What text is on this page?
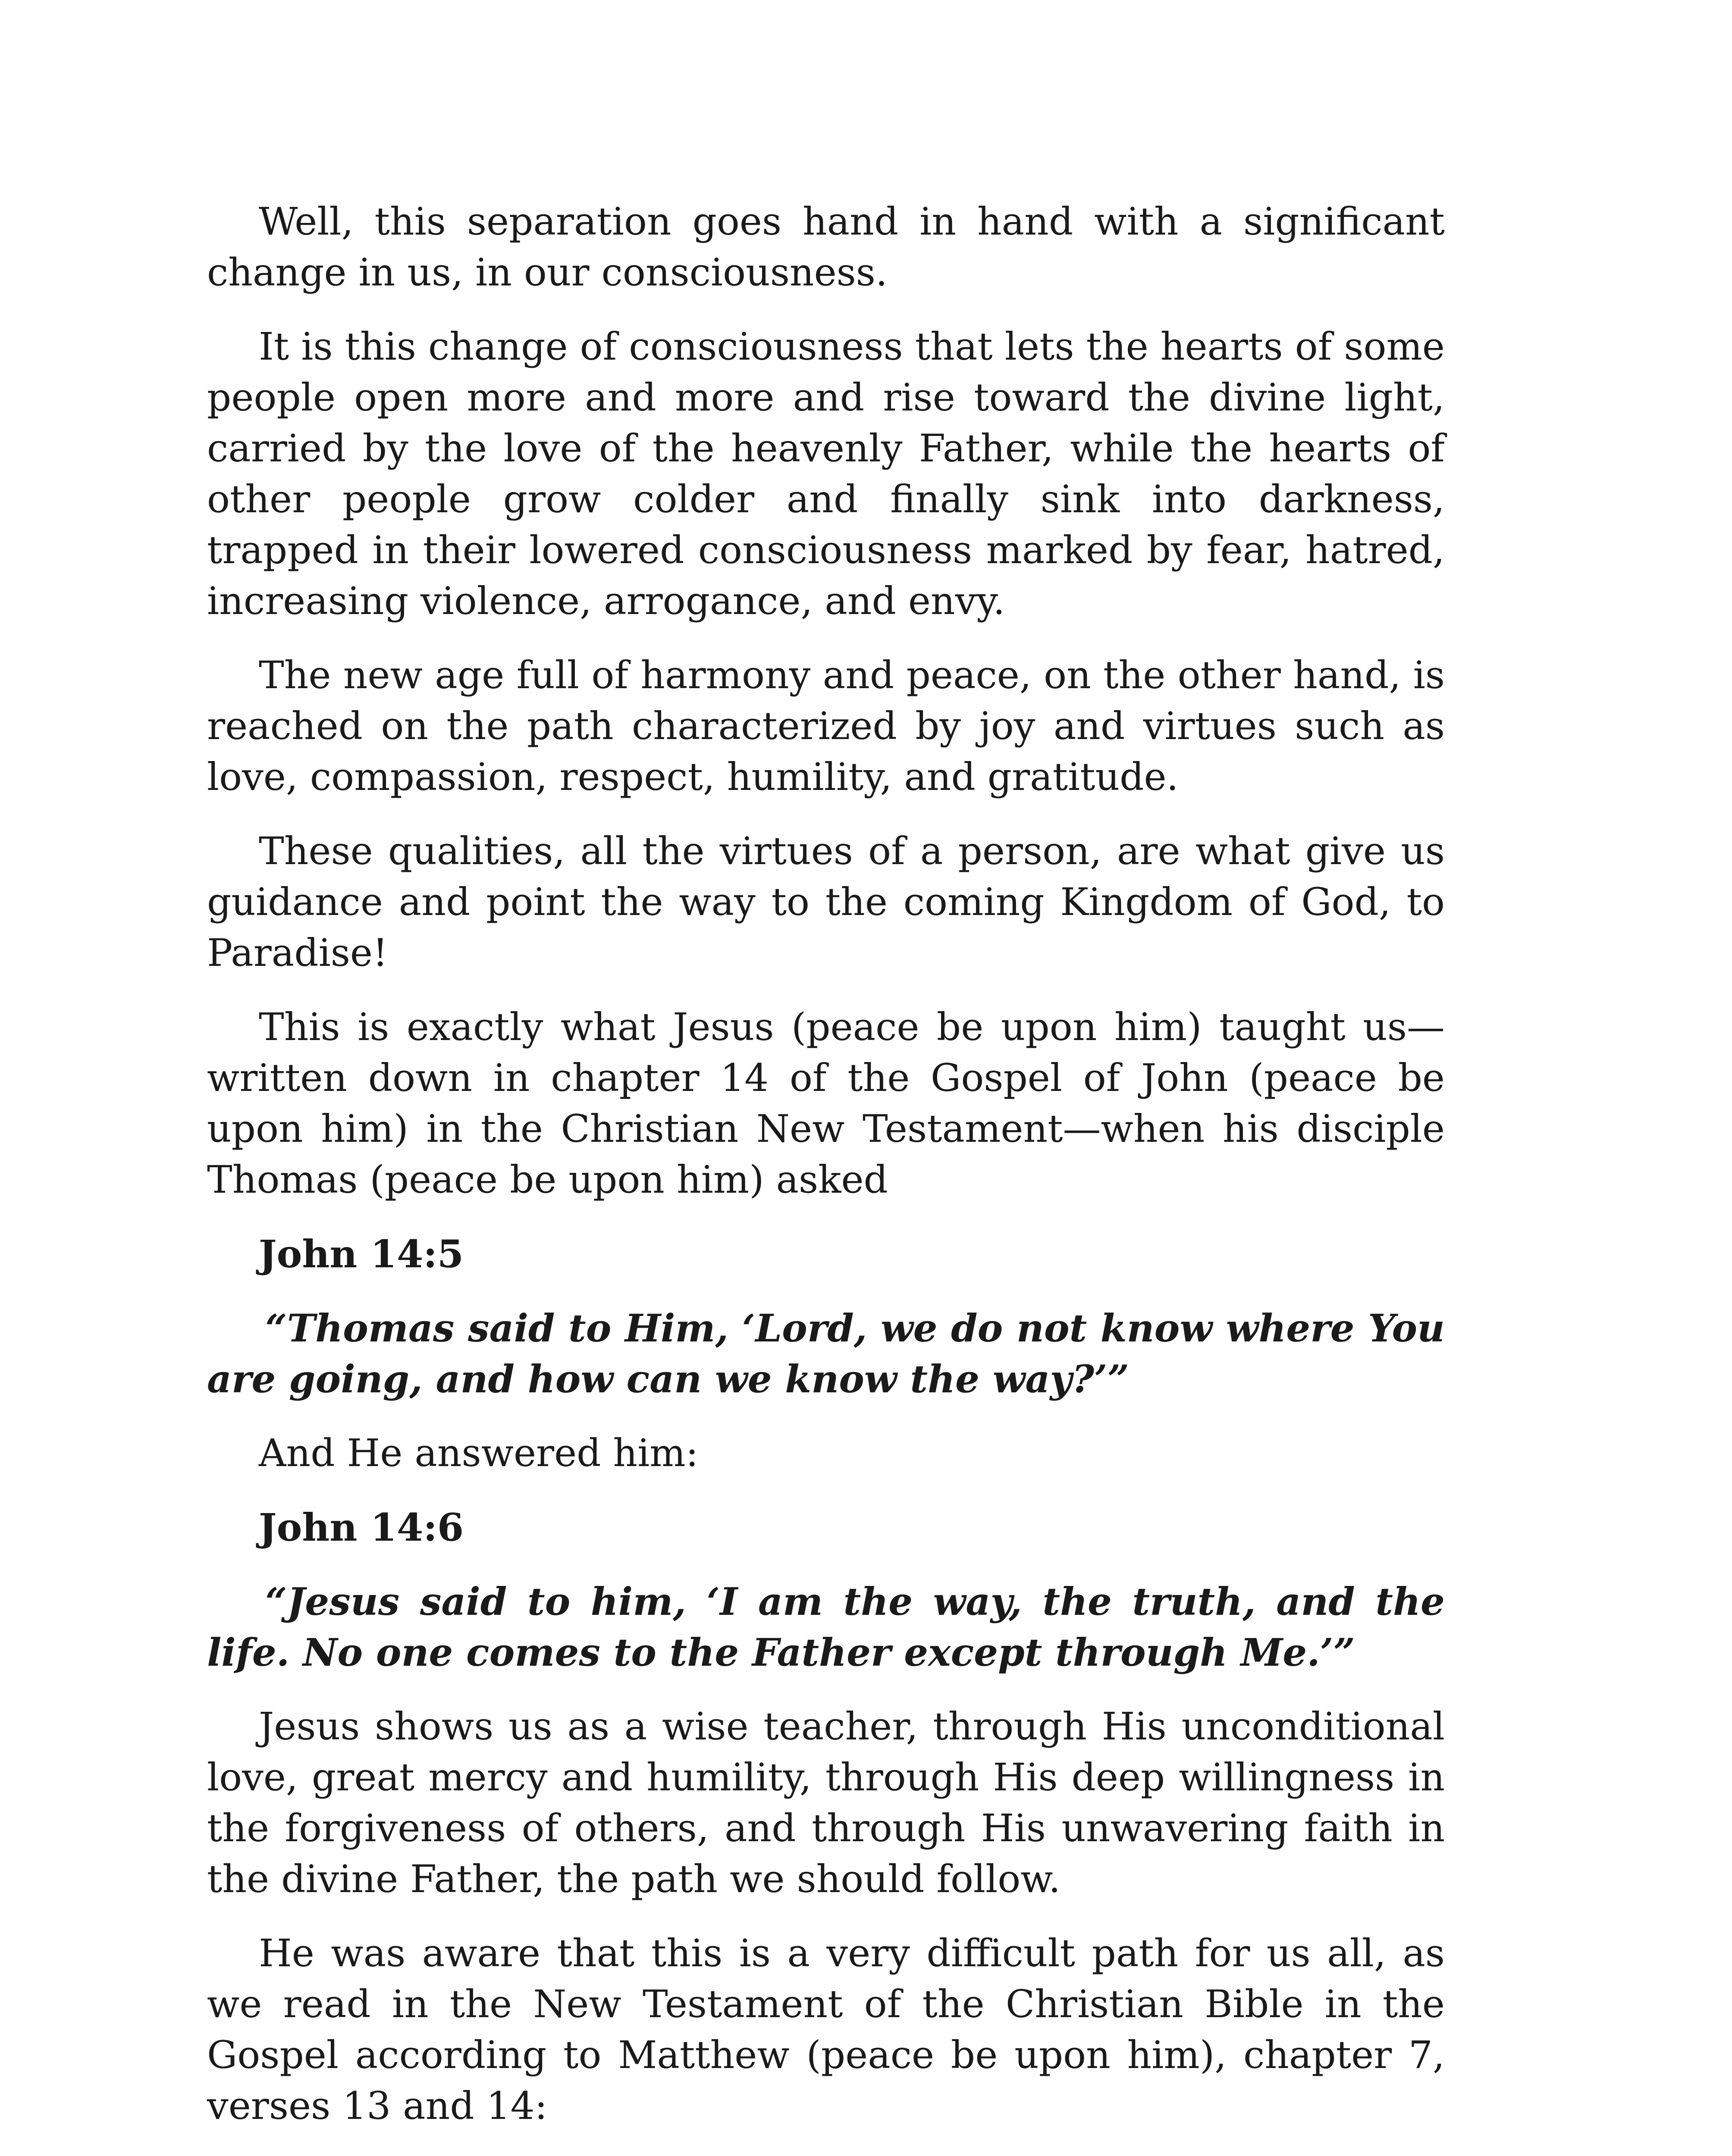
Well, this separation goes hand in hand with a significant change in us, in our consciousness.

It is this change of consciousness that lets the hearts of some people open more and more and rise toward the divine light, carried by the love of the heavenly Father, while the hearts of other people grow colder and finally sink into darkness, trapped in their lowered consciousness marked by fear, hatred, increasing violence, arrogance, and envy.

The new age full of harmony and peace, on the other hand, is reached on the path characterized by joy and virtues such as love, compassion, respect, humility, and gratitude.

These qualities, all the virtues of a person, are what give us guidance and point the way to the coming Kingdom of God, to Paradise!

This is exactly what Jesus (peace be upon him) taught us—written down in chapter 14 of the Gospel of John (peace be upon him) in the Christian New Testament—when his disciple Thomas (peace be upon him) asked

John 14:5

“Thomas said to Him, ‘Lord, we do not know where You are going, and how can we know the way?’”

And He answered him:

John 14:6

“Jesus said to him, ‘I am the way, the truth, and the life. No one comes to the Father except through Me.’”

Jesus shows us as a wise teacher, through His unconditional love, great mercy and humility, through His deep willingness in the forgiveness of others, and through His unwavering faith in the divine Father, the path we should follow.

He was aware that this is a very difficult path for us all, as we read in the New Testament of the Christian Bible in the Gospel according to Matthew (peace be upon him), chapter 7, verses 13 and 14:
